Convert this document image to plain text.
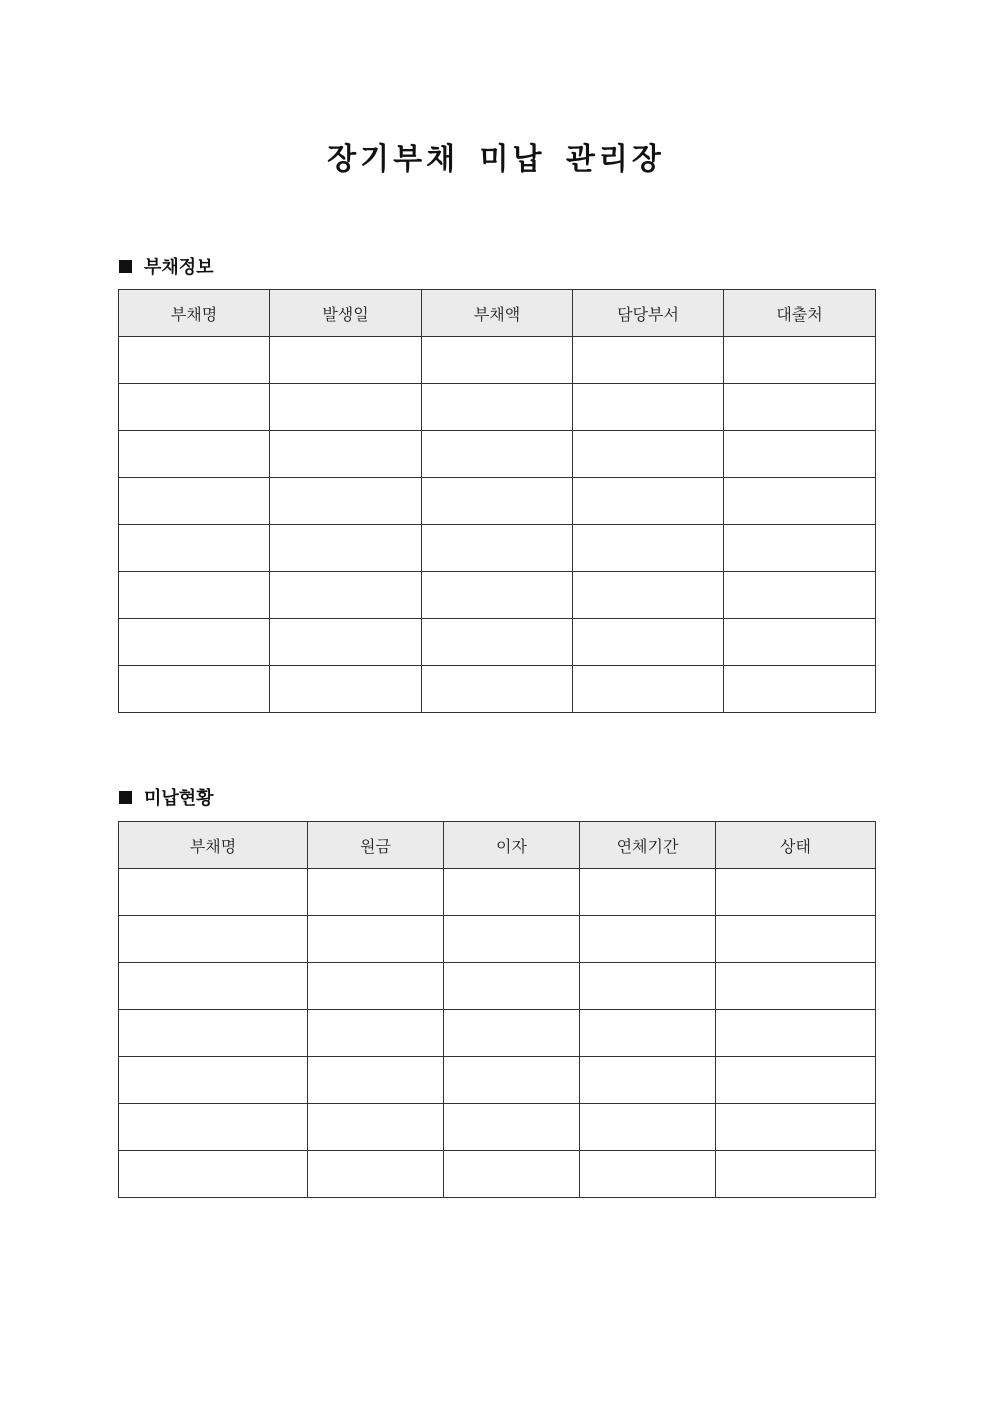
장기부채 미납 관리장
부채정보
부채명	발생일	부채액	담당부서	대출처

미납현황
부채명	원금	이자	연체기간	상태
